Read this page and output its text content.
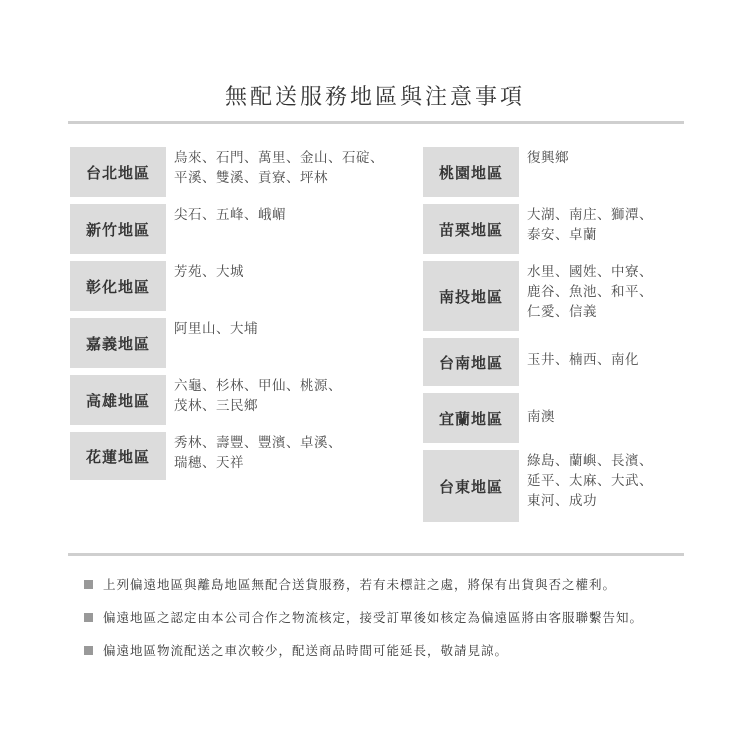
無配送服務地區與注意事項
台北地區
烏來、石門、萬里、金山、石碇、
平溪、雙溪、貢寮、坪林
新竹地區
尖石、五峰、峨嵋
彰化地區
芳苑、大城
嘉義地區
阿里山、大埔
高雄地區
六龜、杉林、甲仙、桃源、
茂林、三民鄉
花蓮地區
秀林、壽豐、豐濱、卓溪、
瑞穗、天祥
桃園地區
復興鄉
苗栗地區
大湖、南庄、獅潭、
泰安、卓蘭
南投地區
水里、國姓、中寮、
鹿谷、魚池、和平、
仁愛、信義
台南地區	玉井、楠西、南化
宜蘭地區	南澳
台東地區
綠島、蘭嶼、長濱、
延平、太麻、大武、
東河、成功
上列偏遠地區與離島地區無配合送貨服務，若有未標註之處，將保有出貨與否之權利。
偏遠地區之認定由本公司合作之物流核定，接受訂單後如核定為偏遠區將由客服聯繫告知。
偏遠地區物流配送之車次較少，配送商品時間可能延長，敬請見諒。
